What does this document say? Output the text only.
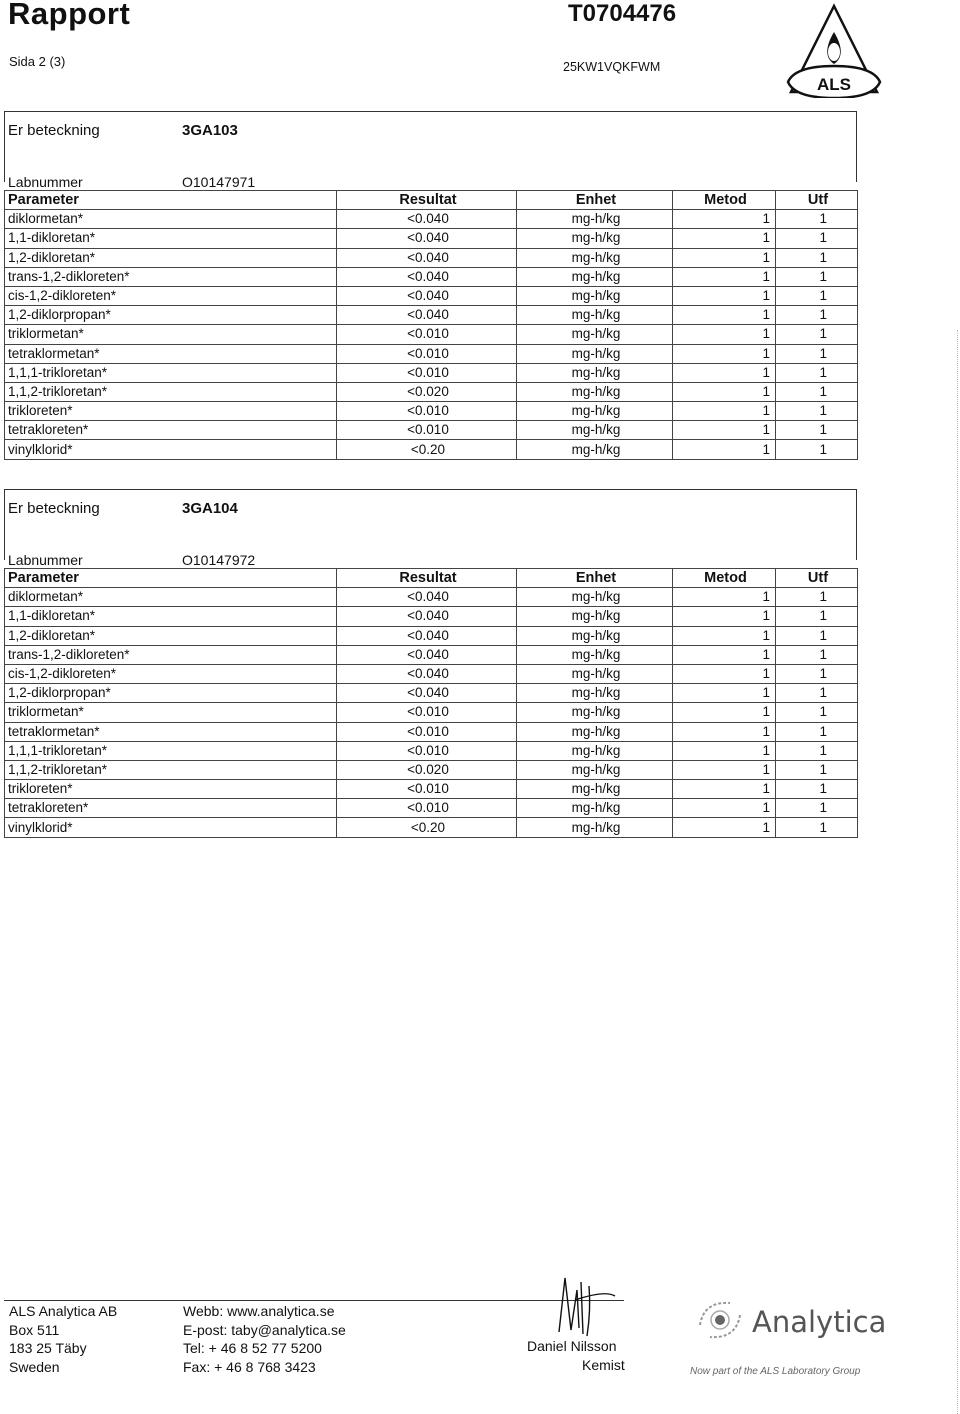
Rapport
Sida 2 (3)
T0704476
25KW1VQKFWM
ALS
Er beteckning	3GA103
Labnummer	O10147971
Parameter	Resultat	Enhet	Metod	Utf
diklormetan*	<0.040	mg-h/kg	1	1
1,1-dikloretan*	<0.040	mg-h/kg	1	1
1,2-dikloretan*	<0.040	mg-h/kg	1	1
trans-1,2-dikloreten*	<0.040	mg-h/kg	1	1
cis-1,2-dikloreten*	<0.040	mg-h/kg	1	1
1,2-diklorpropan*	<0.040	mg-h/kg	1	1
triklormetan*	<0.010	mg-h/kg	1	1
tetraklormetan*	<0.010	mg-h/kg	1	1
1,1,1-trikloretan*	<0.010	mg-h/kg	1	1
1,1,2-trikloretan*	<0.020	mg-h/kg	1	1
trikloreten*	<0.010	mg-h/kg	1	1
tetrakloreten*	<0.010	mg-h/kg	1	1
vinylklorid*	<0.20	mg-h/kg	1	1
Er beteckning	3GA104
Labnummer	O10147972
Parameter	Resultat	Enhet	Metod	Utf
diklormetan*	<0.040	mg-h/kg	1	1
1,1-dikloretan*	<0.040	mg-h/kg	1	1
1,2-dikloretan*	<0.040	mg-h/kg	1	1
trans-1,2-dikloreten*	<0.040	mg-h/kg	1	1
cis-1,2-dikloreten*	<0.040	mg-h/kg	1	1
1,2-diklorpropan*	<0.040	mg-h/kg	1	1
triklormetan*	<0.010	mg-h/kg	1	1
tetraklormetan*	<0.010	mg-h/kg	1	1
1,1,1-trikloretan*	<0.010	mg-h/kg	1	1
1,1,2-trikloretan*	<0.020	mg-h/kg	1	1
trikloreten*	<0.010	mg-h/kg	1	1
tetrakloreten*	<0.010	mg-h/kg	1	1
vinylklorid*	<0.20	mg-h/kg	1	1
ALS Analytica AB
Box 511
183 25 Täby
Sweden
Webb: www.analytica.se
E-post: taby@analytica.se
Tel: + 46 8 52 77 5200
Fax: + 46 8 768 3423
Daniel Nilsson
Kemist
Analytica
Now part of the ALS Laboratory Group
